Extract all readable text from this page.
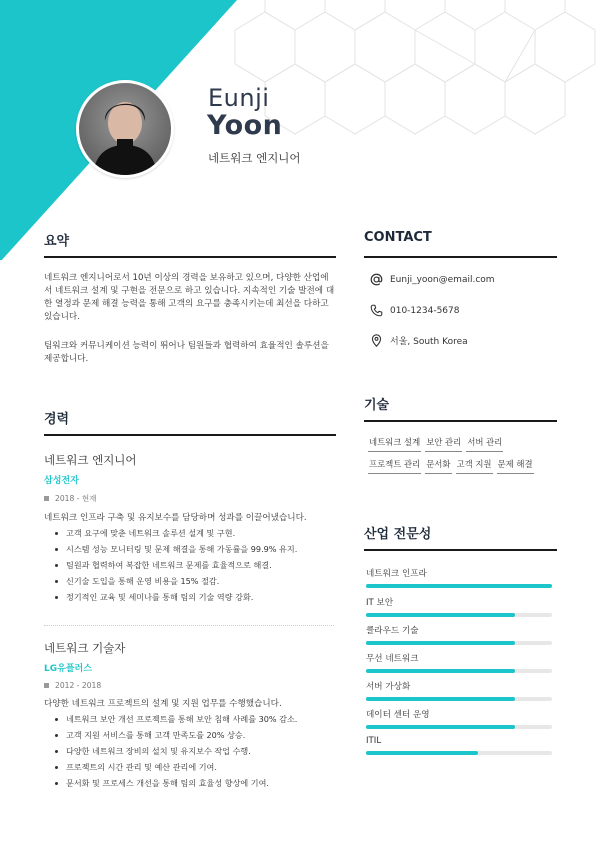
Eunji
Yoon
네트워크 엔지니어
요약
네트워크 엔지니어로서 10년 이상의 경력을 보유하고 있으며, 다양한 산업에서 네트워크 설계 및 구현을 전문으로 하고 있습니다. 지속적인 기술 발전에 대한 열정과 문제 해결 능력을 통해 고객의 요구를 충족시키는데 최선을 다하고 있습니다.
팀워크와 커뮤니케이션 능력이 뛰어나 팀원들과 협력하여 효율적인 솔루션을 제공합니다.
경력
네트워크 엔지니어
삼성전자
2018 - 현재
네트워크 인프라 구축 및 유지보수를 담당하며 성과를 이끌어냈습니다.
고객 요구에 맞춘 네트워크 솔루션 설계 및 구현.
시스템 성능 모니터링 및 문제 해결을 통해 가동률을 99.9% 유지.
팀원과 협력하여 복잡한 네트워크 문제를 효율적으로 해결.
신기술 도입을 통해 운영 비용을 15% 절감.
정기적인 교육 및 세미나를 통해 팀의 기술 역량 강화.
네트워크 기술자
LG유플러스
2012 - 2018
다양한 네트워크 프로젝트의 설계 및 지원 업무를 수행했습니다.
네트워크 보안 개선 프로젝트를 통해 보안 침해 사례를 30% 감소.
고객 지원 서비스를 통해 고객 만족도를 20% 상승.
다양한 네트워크 장비의 설치 및 유지보수 작업 수행.
프로젝트의 시간 관리 및 예산 관리에 기여.
문서화 및 프로세스 개선을 통해 팀의 효율성 향상에 기여.
CONTACT
Eunji_yoon@email.com
010-1234-5678
서울, South Korea
기술
네트워크 설계 보안 관리 서버 관리
프로젝트 관리 문서화 고객 지원 문제 해결
산업 전문성
네트워크 인프라
IT 보안
클라우드 기술
무선 네트워크
서버 가상화
데이터 센터 운영
ITIL
